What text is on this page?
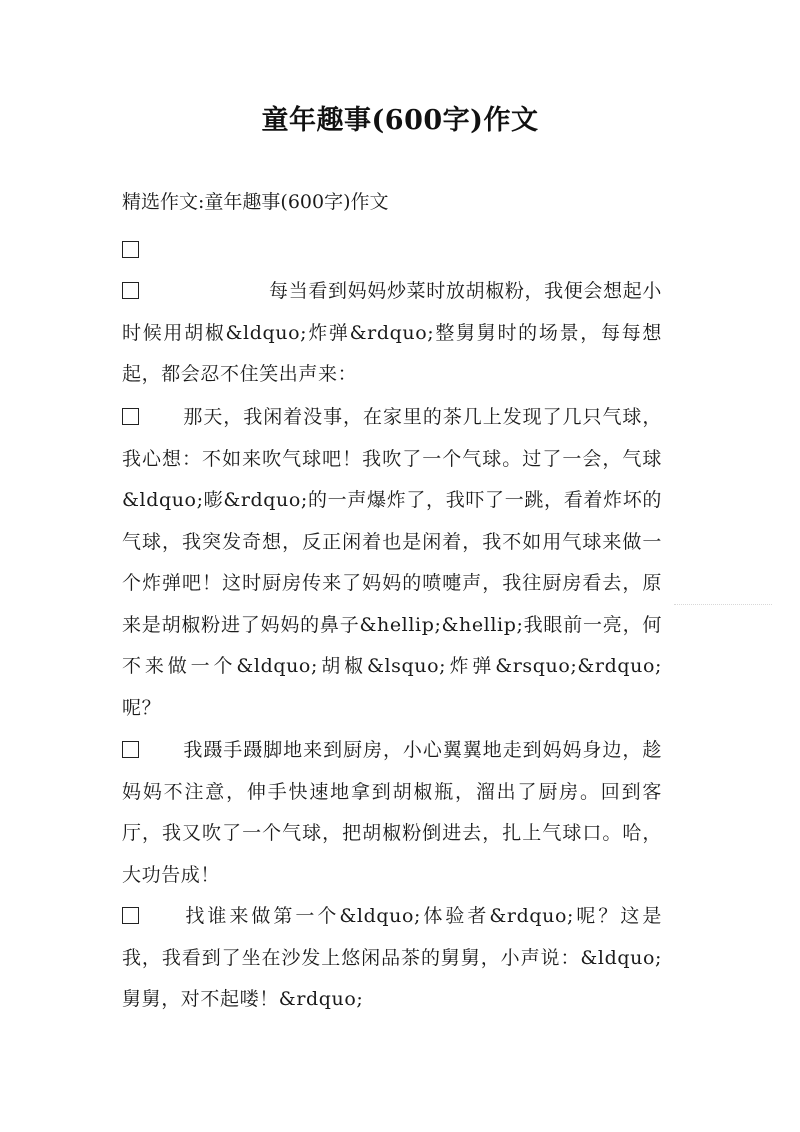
童年趣事(600字)作文
精选作文:童年趣事(600字)作文

每当看到妈妈炒菜时放胡椒粉，我便会想起小时候用胡椒&ldquo;炸弹&rdquo;整舅舅时的场景，每每想起，都会忍不住笑出声来：

那天，我闲着没事，在家里的茶几上发现了几只气球，我心想：不如来吹气球吧！我吹了一个气球。过了一会，气球&ldquo;嘭&rdquo;的一声爆炸了，我吓了一跳，看着炸坏的气球，我突发奇想，反正闲着也是闲着，我不如用气球来做一个炸弹吧！这时厨房传来了妈妈的喷嚏声，我往厨房看去，原来是胡椒粉进了妈妈的鼻子&hellip;&hellip;我眼前一亮，何不来做一个&ldquo;胡椒&lsquo;炸弹&rsquo;&rdquo;呢？

我蹑手蹑脚地来到厨房，小心翼翼地走到妈妈身边，趁妈妈不注意，伸手快速地拿到胡椒瓶，溜出了厨房。回到客厅，我又吹了一个气球，把胡椒粉倒进去，扎上气球口。哈，大功告成！

找谁来做第一个&ldquo;体验者&rdquo;呢？这是我，我看到了坐在沙发上悠闲品茶的舅舅，小声说：&ldquo;舅舅，对不起喽！&rdquo;
